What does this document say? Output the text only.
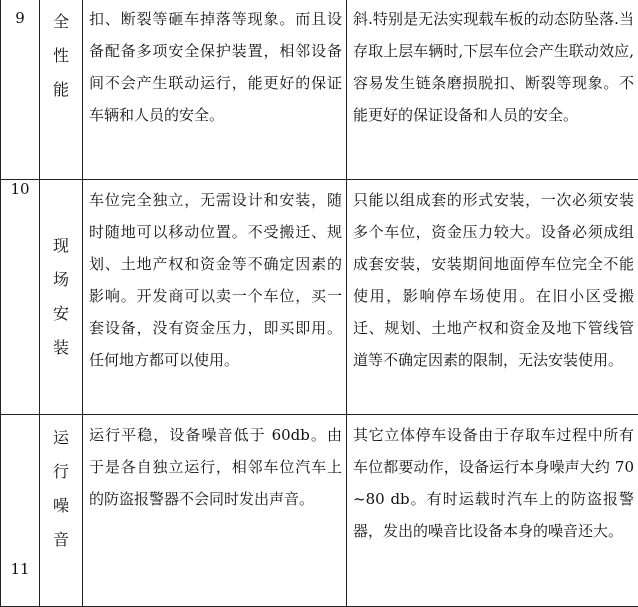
9	全性能	扣、断裂等砸车掉落等现象。而且设备配备多项安全保护装置，相邻设备间不会产生联动运行，能更好的保证车辆和人员的安全。	斜.特别是无法实现载车板的动态防坠落.当存取上层车辆时,下层车位会产生联动效应,容易发生链条磨损脱扣、断裂等现象。不能更好的保证设备和人员的安全。

10	现场安装	车位完全独立，无需设计和安装，随时随地可以移动位置。不受搬迁、规划、土地产权和资金等不确定因素的影响。开发商可以卖一个车位，买一套设备，没有资金压力，即买即用。任何地方都可以使用。	只能以组成套的形式安装，一次必须安装多个车位，资金压力较大。设备必须成组成套安装，安装期间地面停车位完全不能使用，影响停车场使用。在旧小区受搬迁、规划、土地产权和资金及地下管线管道等不确定因素的限制，无法安装使用。

11	运行噪音	运行平稳，设备噪音低于 60db。由于是各自独立运行，相邻车位汽车上的防盗报警器不会同时发出声音。	其它立体停车设备由于存取车过程中所有车位都要动作，设备运行本身噪声大约 70~80 db。有时运载时汽车上的防盗报警器，发出的噪音比设备本身的噪音还大。
